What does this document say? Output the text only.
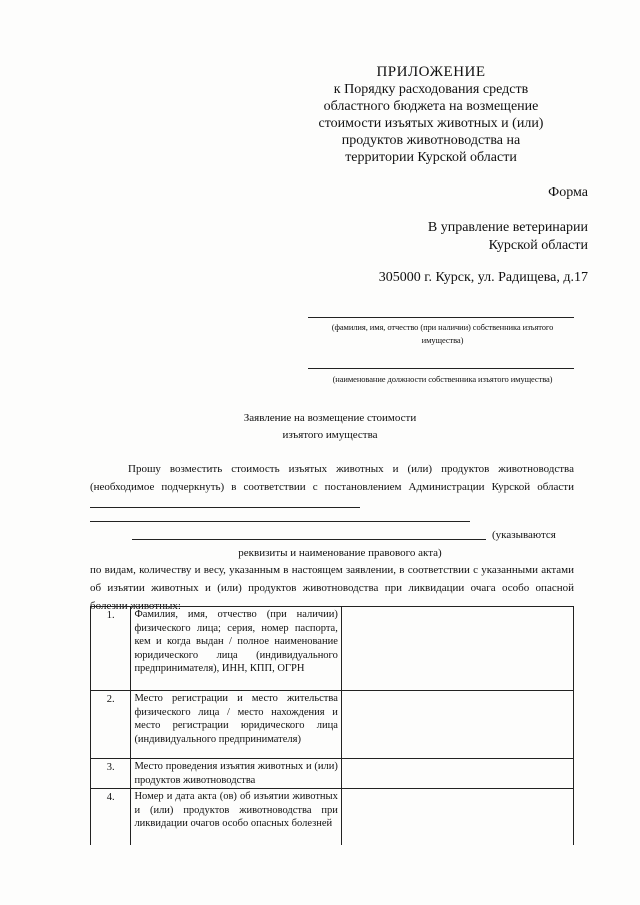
ПРИЛОЖЕНИЕ
к Порядку расходования средств
областного бюджета на возмещение
стоимости изъятых животных и (или)
продуктов животноводства на
территории Курской области
Форма
В управление ветеринарии
Курской области
305000 г. Курск, ул. Радищева, д.17
(фамилия, имя, отчество (при наличии) собственника изъятого
имущества)
(наименование должности собственника изъятого имущества)
Заявление на возмещение стоимости
изъятого имущества
Прошу возместить стоимость изъятых животных и (или) продуктов животноводства (необходимое подчеркнуть) в соответствии с постановлением Администрации Курской области
(указываются
реквизиты и наименование правового акта)
по видам, количеству и весу, указанным в настоящем заявлении, в соответствии с указанными актами об изъятии животных и (или) продуктов животноводства при ликвидации очага особо опасной болезни животных:
1.	Фамилия, имя, отчество (при наличии) физического лица; серия, номер паспорта, кем и когда выдан / полное наименование юридического лица (индивидуального предпринимателя), ИНН, КПП, ОГРН	
2.	Место регистрации и место жительства физического лица / место нахождения и место регистрации юридического лица (индивидуального предпринимателя)	
3.	Место проведения изъятия животных и (или) продуктов животноводства	
4.	Номер и дата акта (ов) об изъятии животных и (или) продуктов животноводства при ликвидации очагов особо опасных болезней	
